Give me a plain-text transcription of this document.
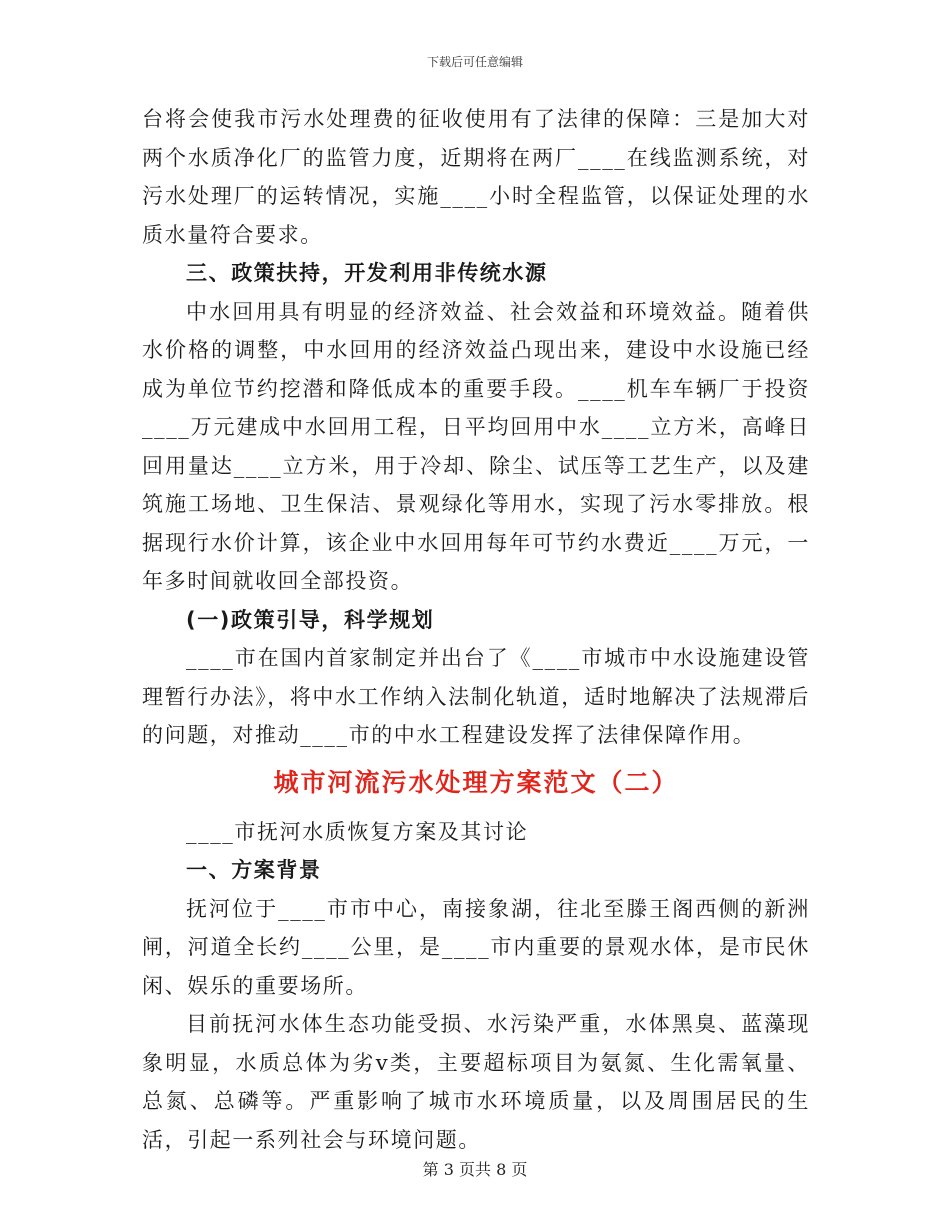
下载后可任意编辑

台将会使我市污水处理费的征收使用有了法律的保障：三是加大对两个水质净化厂的监管力度，近期将在两厂____在线监测系统，对污水处理厂的运转情况，实施____小时全程监管，以保证处理的水质水量符合要求。

三、政策扶持，开发利用非传统水源

中水回用具有明显的经济效益、社会效益和环境效益。随着供水价格的调整，中水回用的经济效益凸现出来，建设中水设施已经成为单位节约挖潜和降低成本的重要手段。____机车车辆厂于投资____万元建成中水回用工程，日平均回用中水____立方米，高峰日回用量达____立方米，用于冷却、除尘、试压等工艺生产，以及建筑施工场地、卫生保洁、景观绿化等用水，实现了污水零排放。根据现行水价计算，该企业中水回用每年可节约水费近____万元，一年多时间就收回全部投资。

(一)政策引导，科学规划

____市在国内首家制定并出台了《____市城市中水设施建设管理暂行办法》，将中水工作纳入法制化轨道，适时地解决了法规滞后的问题，对推动____市的中水工程建设发挥了法律保障作用。

城市河流污水处理方案范文（二）

____市抚河水质恢复方案及其讨论

一、方案背景

抚河位于____市市中心，南接象湖，往北至滕王阁西侧的新洲闸，河道全长约____公里，是____市内重要的景观水体，是市民休闲、娱乐的重要场所。

目前抚河水体生态功能受损、水污染严重，水体黑臭、蓝藻现象明显，水质总体为劣v类，主要超标项目为氨氮、生化需氧量、总氮、总磷等。严重影响了城市水环境质量，以及周围居民的生活，引起一系列社会与环境问题。

第 3 页共 8 页
